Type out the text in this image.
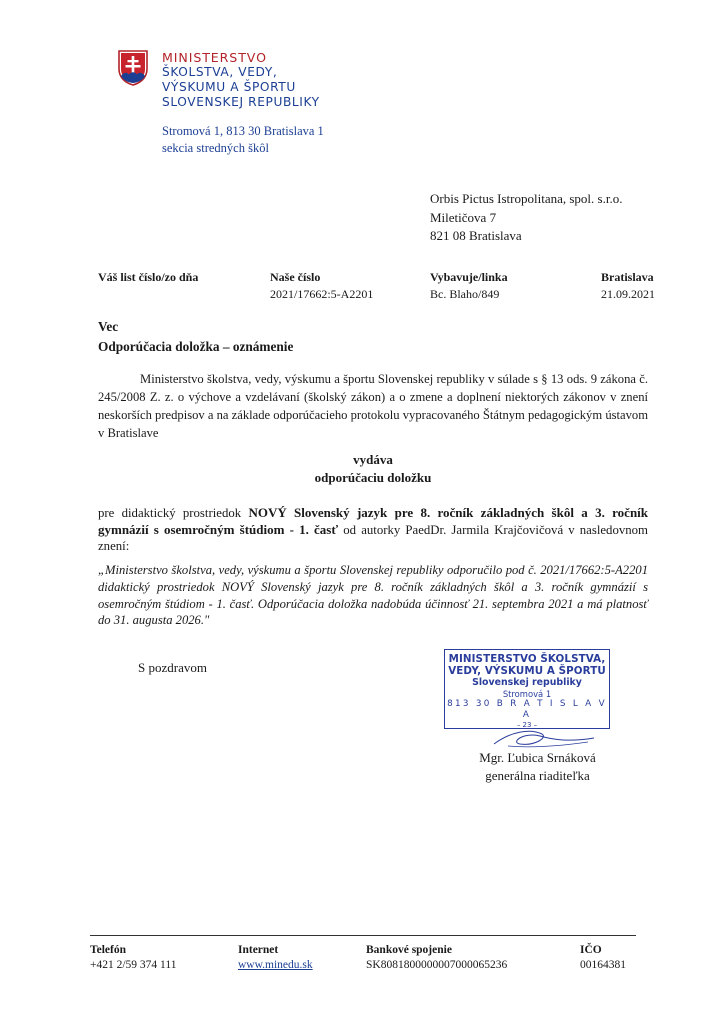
MINISTERSTVO
ŠKOLSTVA, VEDY,
VÝSKUMU A ŠPORTU
SLOVENSKEJ REPUBLIKY
Stromová 1, 813 30 Bratislava 1
sekcia stredných škôl
Orbis Pictus Istropolitana, spol. s.r.o.
Miletičova 7
821 08 Bratislava
Váš list číslo/zo dňa	Naše číslo
2021/17662:5-A2201
Vybavuje/linka
Bc. Blaho/849
Bratislava
21.09.2021
Vec
Odporúčacia doložka – oznámenie
Ministerstvo školstva, vedy, výskumu a športu Slovenskej republiky v súlade s § 13 ods. 9 zákona č. 245/2008 Z. z. o výchove a vzdelávaní (školský zákon) a o zmene a doplnení niektorých zákonov v znení neskorších predpisov a na základe odporúčacieho protokolu vypracovaného Štátnym pedagogickým ústavom v Bratislave
vydáva
odporúčaciu doložku
pre didaktický prostriedok NOVÝ Slovenský jazyk pre 8. ročník základných škôl a 3. ročník gymnázií s osemročným štúdiom - 1. časť od autorky PaedDr. Jarmila Krajčovičová v nasledovnom znení:
„Ministerstvo školstva, vedy, výskumu a športu Slovenskej republiky odporučilo pod č. 2021/17662:5-A2201 didaktický prostriedok NOVÝ Slovenský jazyk pre 8. ročník základných škôl a 3. ročník gymnázií s osemročným štúdiom - 1. časť. Odporúčacia doložka nadobúda účinnosť 21. septembra 2021 a má platnosť do 31. augusta 2026."
S pozdravom
MINISTERSTVO ŠKOLSTVA,
VEDY, VÝSKUMU A ŠPORTU
Slovenskej republiky
Stromová 1
813 30 B R A T I S L A V A
– 23 –
Mgr. Ľubica Srnáková
generálna riaditeľka
Telefón
+421 2/59 374 111
Internet
www.minedu.sk
Bankové spojenie
SK8081800000007000065236
IČO
00164381
